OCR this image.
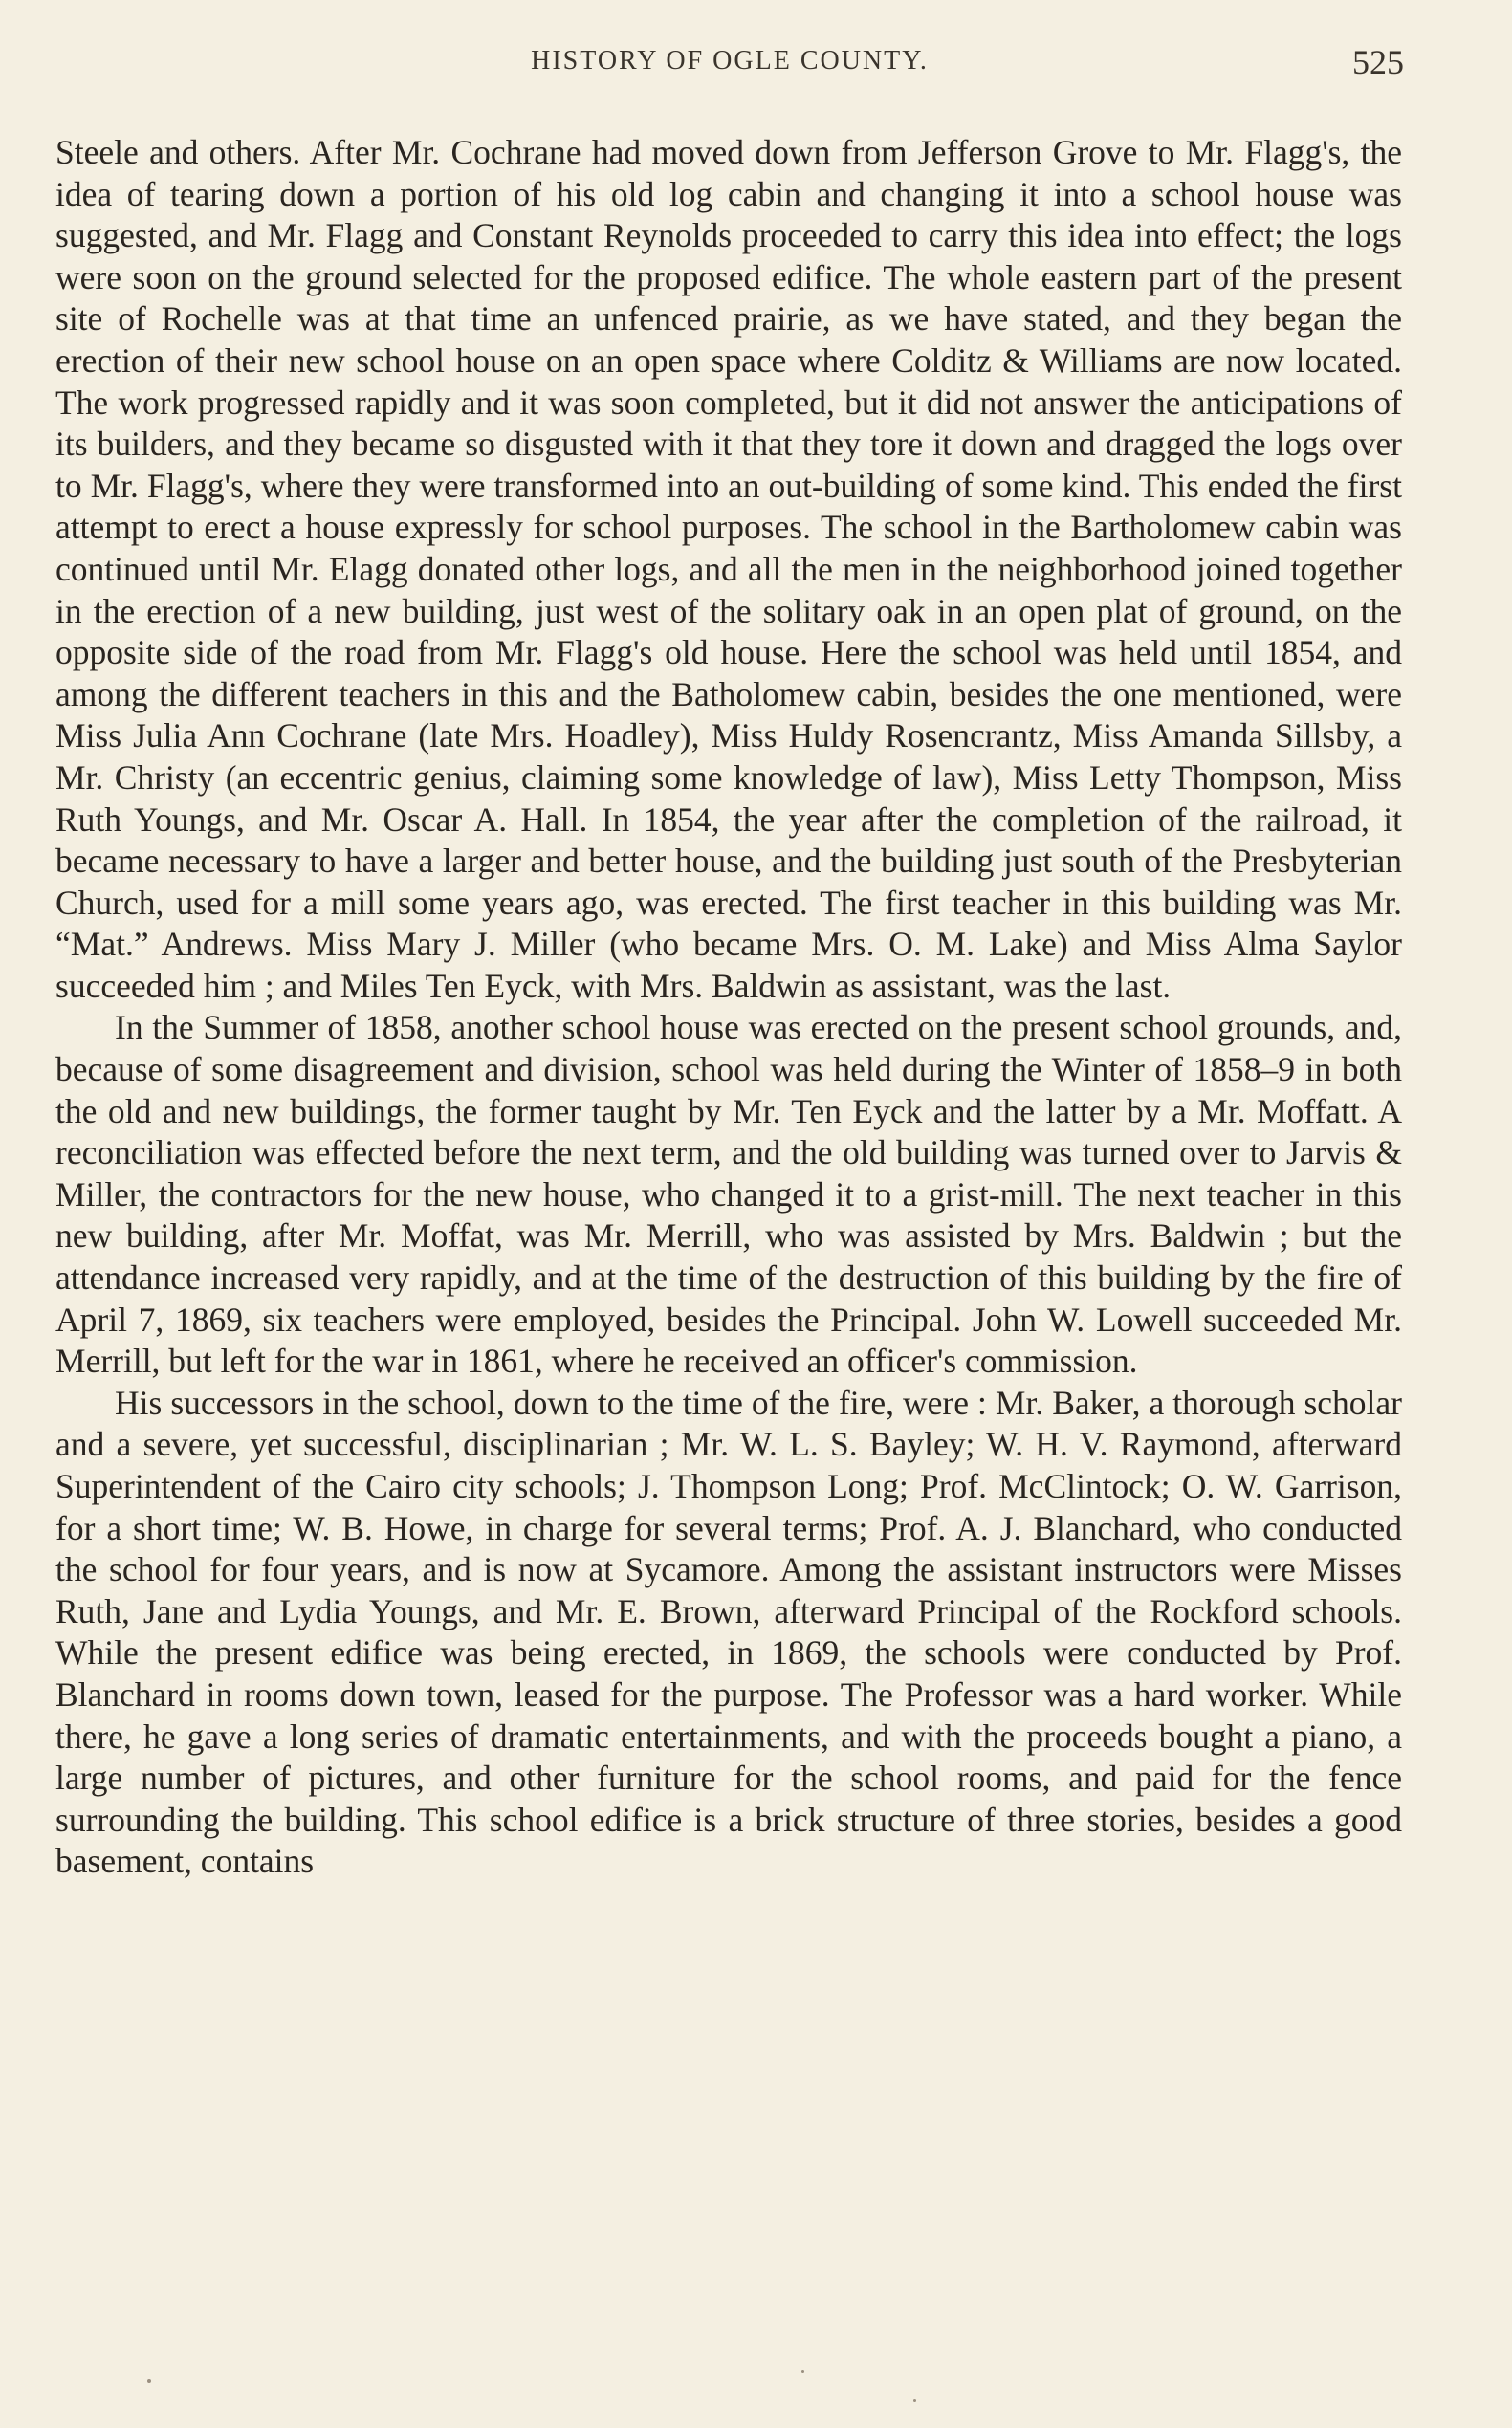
HISTORY OF OGLE COUNTY.	525

Steele and others. After Mr. Cochrane had moved down from Jefferson Grove to Mr. Flagg's, the idea of tearing down a portion of his old log cabin and changing it into a school house was suggested, and Mr. Flagg and Constant Reynolds proceeded to carry this idea into effect; the logs were soon on the ground selected for the proposed edifice. The whole eastern part of the present site of Rochelle was at that time an unfenced prairie, as we have stated, and they began the erection of their new school house on an open space where Colditz & Williams are now located. The work progressed rapidly and it was soon completed, but it did not answer the anticipations of its builders, and they became so disgusted with it that they tore it down and dragged the logs over to Mr. Flagg's, where they were transformed into an out-building of some kind. This ended the first attempt to erect a house expressly for school purposes. The school in the Bartholomew cabin was continued until Mr. Elagg donated other logs, and all the men in the neighborhood joined together in the erection of a new building, just west of the solitary oak in an open plat of ground, on the opposite side of the road from Mr. Flagg's old house. Here the school was held until 1854, and among the different teachers in this and the Batholomew cabin, besides the one mentioned, were Miss Julia Ann Cochrane (late Mrs. Hoadley), Miss Huldy Rosencrantz, Miss Amanda Sillsby, a Mr. Christy (an eccentric genius, claiming some knowledge of law), Miss Letty Thompson, Miss Ruth Youngs, and Mr. Oscar A. Hall. In 1854, the year after the completion of the railroad, it became necessary to have a larger and better house, and the building just south of the Presbyterian Church, used for a mill some years ago, was erected. The first teacher in this building was Mr. “Mat.” Andrews. Miss Mary J. Miller (who became Mrs. O. M. Lake) and Miss Alma Saylor succeeded him ; and Miles Ten Eyck, with Mrs. Baldwin as assistant, was the last.

In the Summer of 1858, another school house was erected on the present school grounds, and, because of some disagreement and division, school was held during the Winter of 1858–9 in both the old and new buildings, the former taught by Mr. Ten Eyck and the latter by a Mr. Moffatt. A reconciliation was effected before the next term, and the old building was turned over to Jarvis & Miller, the contractors for the new house, who changed it to a grist-mill. The next teacher in this new building, after Mr. Moffat, was Mr. Merrill, who was assisted by Mrs. Baldwin ; but the attendance increased very rapidly, and at the time of the destruction of this building by the fire of April 7, 1869, six teachers were employed, besides the Principal. John W. Lowell succeeded Mr. Merrill, but left for the war in 1861, where he received an officer's commission.

His successors in the school, down to the time of the fire, were : Mr. Baker, a thorough scholar and a severe, yet successful, disciplinarian ; Mr. W. L. S. Bayley; W. H. V. Raymond, afterward Superintendent of the Cairo city schools; J. Thompson Long; Prof. McClintock; O. W. Garrison, for a short time; W. B. Howe, in charge for several terms; Prof. A. J. Blanchard, who conducted the school for four years, and is now at Sycamore. Among the assistant instructors were Misses Ruth, Jane and Lydia Youngs, and Mr. E. Brown, afterward Principal of the Rockford schools. While the present edifice was being erected, in 1869, the schools were conducted by Prof. Blanchard in rooms down town, leased for the purpose. The Professor was a hard worker. While there, he gave a long series of dramatic entertainments, and with the proceeds bought a piano, a large number of pictures, and other furniture for the school rooms, and paid for the fence surrounding the building. This school edifice is a brick structure of three stories, besides a good basement, contains
